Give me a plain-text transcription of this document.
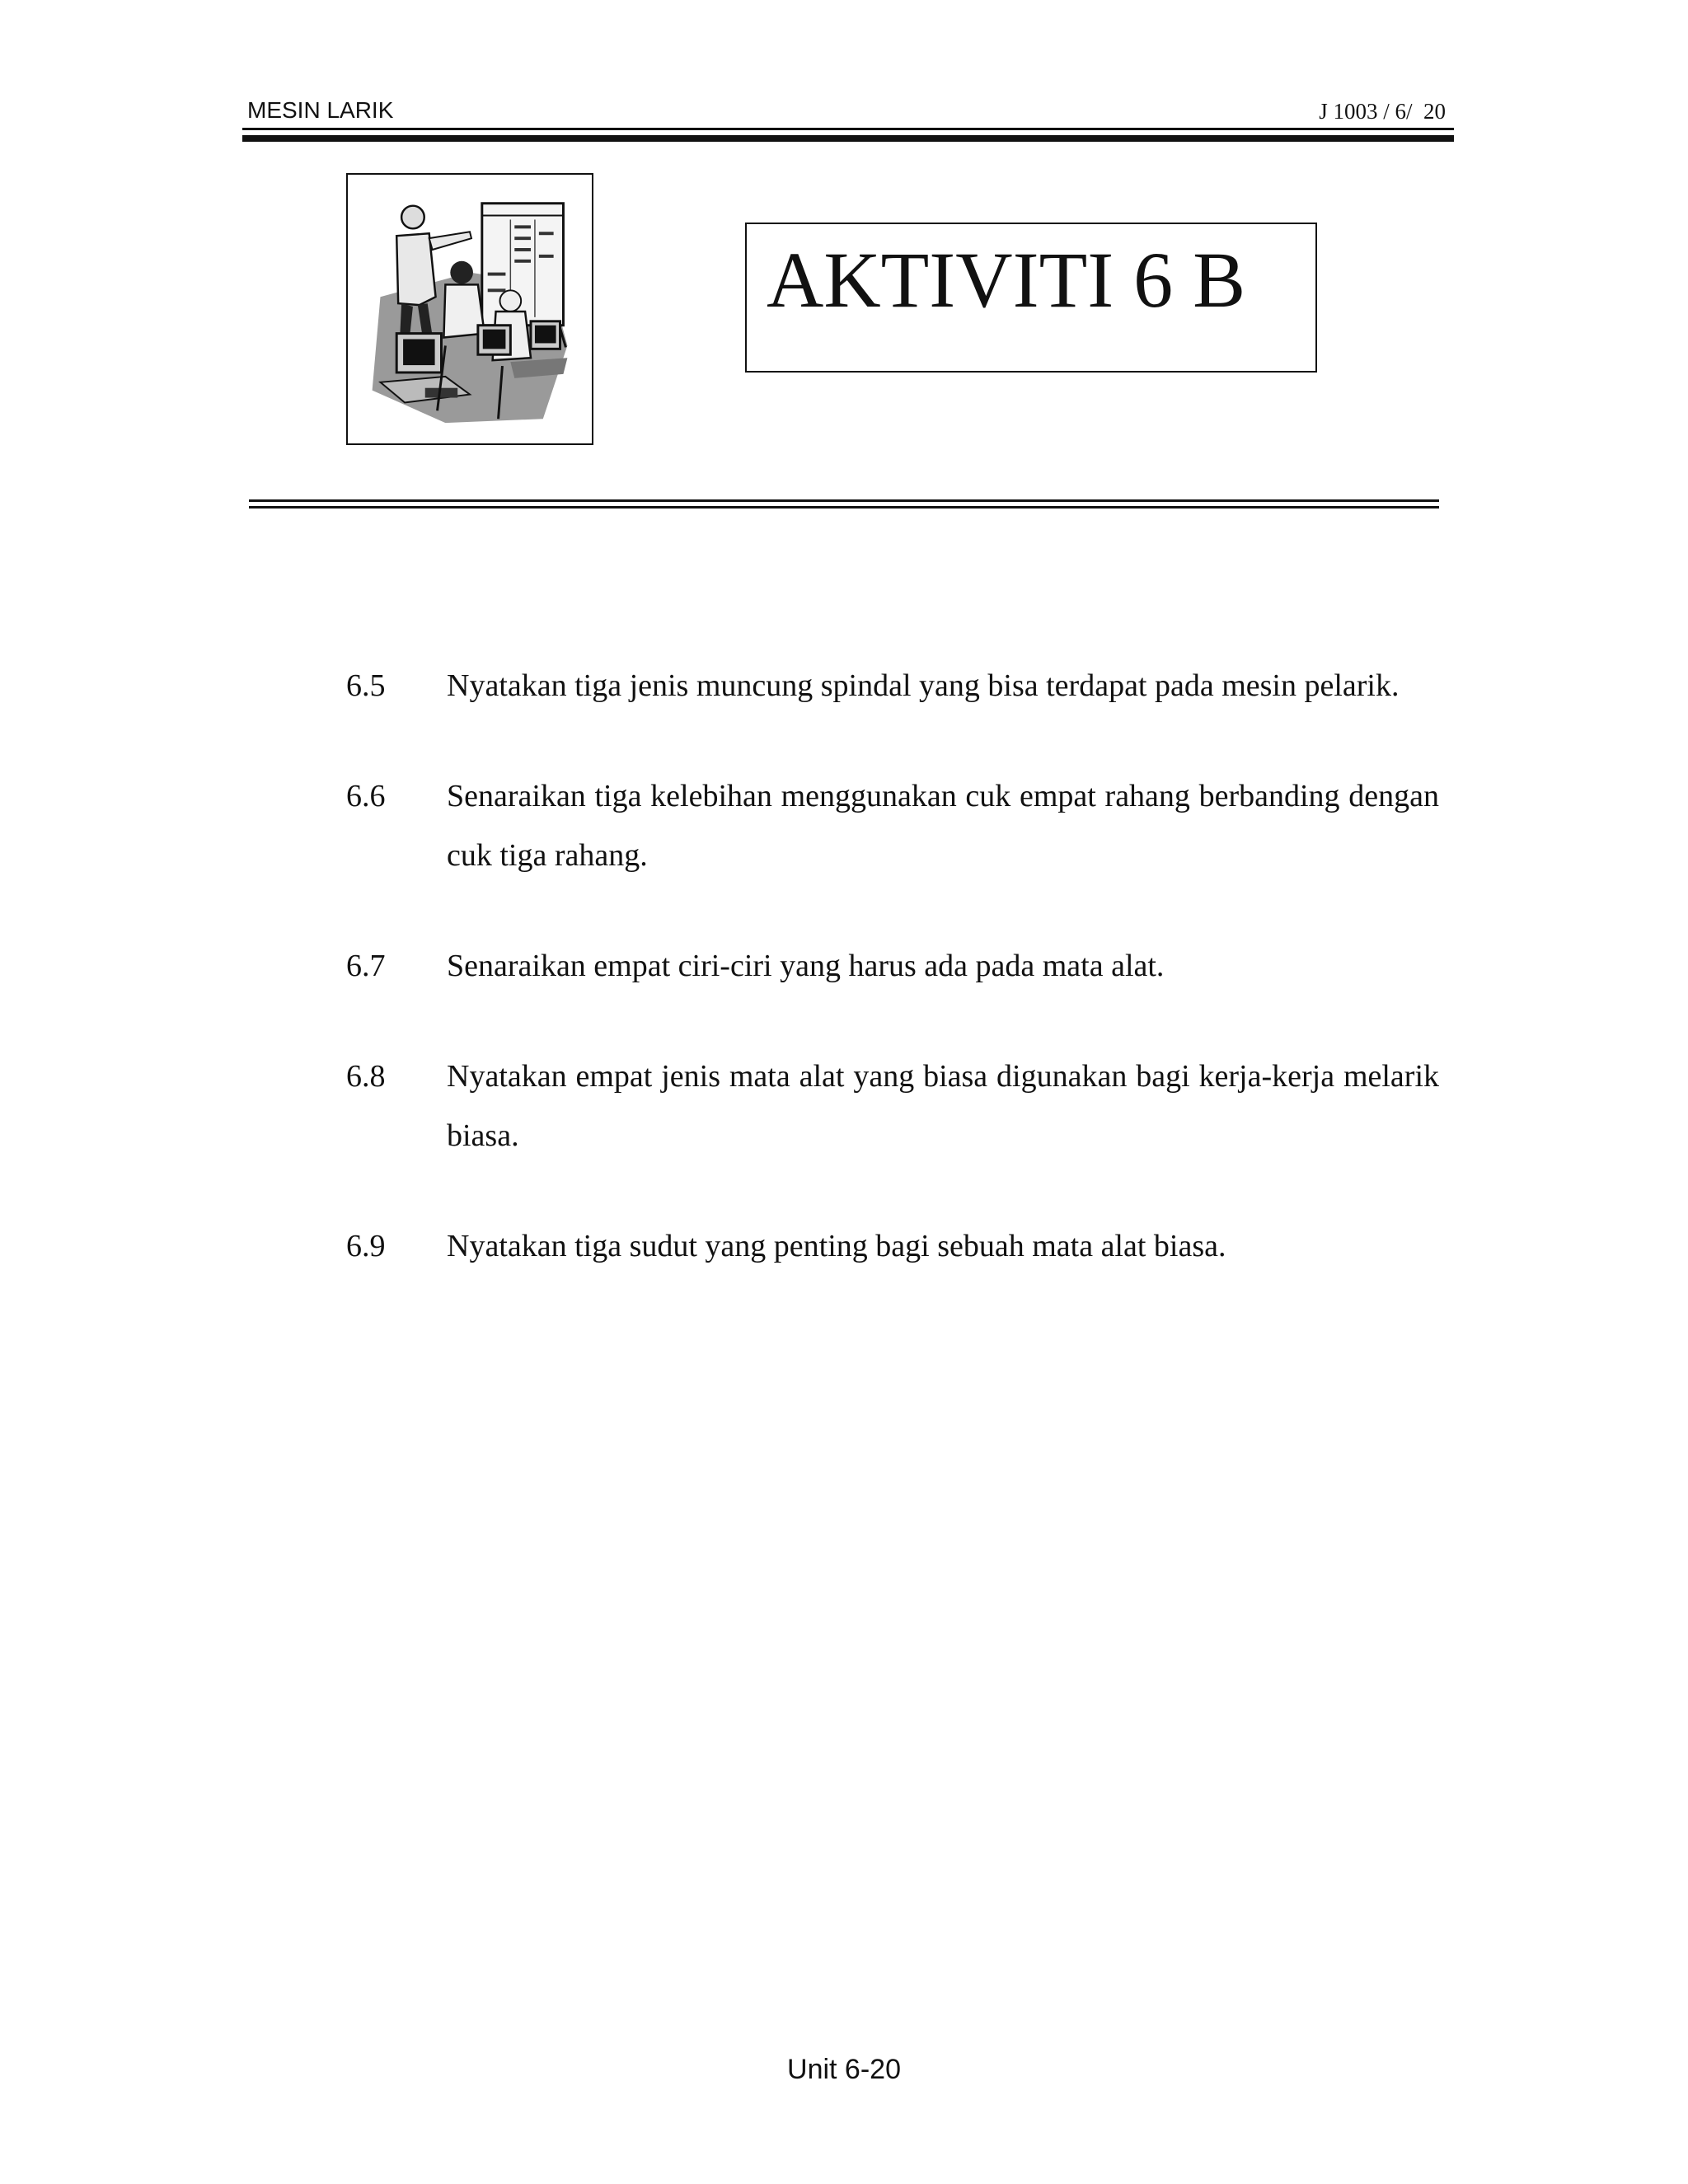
MESIN LARIK	J 1003 / 6/  20
AKTIVITI 6 B
6.5	Nyatakan tiga jenis muncung spindal yang bisa terdapat pada mesin pelarik.
6.6	Senaraikan tiga kelebihan menggunakan cuk empat rahang berbanding dengan cuk tiga rahang.
6.7	Senaraikan empat ciri-ciri yang harus ada pada mata alat.
6.8	Nyatakan empat jenis mata alat yang biasa digunakan bagi kerja-kerja melarik biasa.
6.9	Nyatakan tiga sudut yang penting bagi sebuah mata alat biasa.
Unit 6-20
